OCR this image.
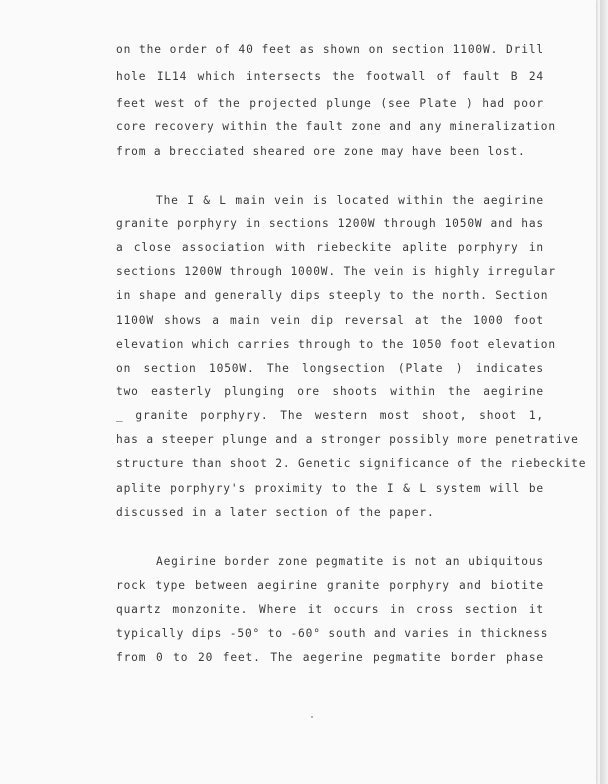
on the order of 40 feet as shown on section 1100W. Drill
hole IL14 which intersects the footwall of fault B 24
feet west of the projected plunge (see Plate ) had poor
core recovery within the fault zone and any mineralization
from a brecciated sheared ore zone may have been lost.
The I & L main vein is located within the aegirine
granite porphyry in sections 1200W through 1050W and has
a close association with riebeckite aplite porphyry in
sections 1200W through 1000W. The vein is highly irregular
in shape and generally dips steeply to the north. Section
1100W shows a main vein dip reversal at the 1000 foot
elevation which carries through to the 1050 foot elevation
on section 1050W. The longsection (Plate ) indicates
two easterly plunging ore shoots within the aegirine
_ granite porphyry. The western most shoot, shoot 1,
has a steeper plunge and a stronger possibly more penetrative
structure than shoot 2. Genetic significance of the riebeckite
aplite porphyry's proximity to the I & L system will be
discussed in a later section of the paper.
Aegirine border zone pegmatite is not an ubiquitous
rock type between aegirine granite porphyry and biotite
quartz monzonite. Where it occurs in cross section it
typically dips -50° to -60° south and varies in thickness
from 0 to 20 feet. The aegerine pegmatite border phase
